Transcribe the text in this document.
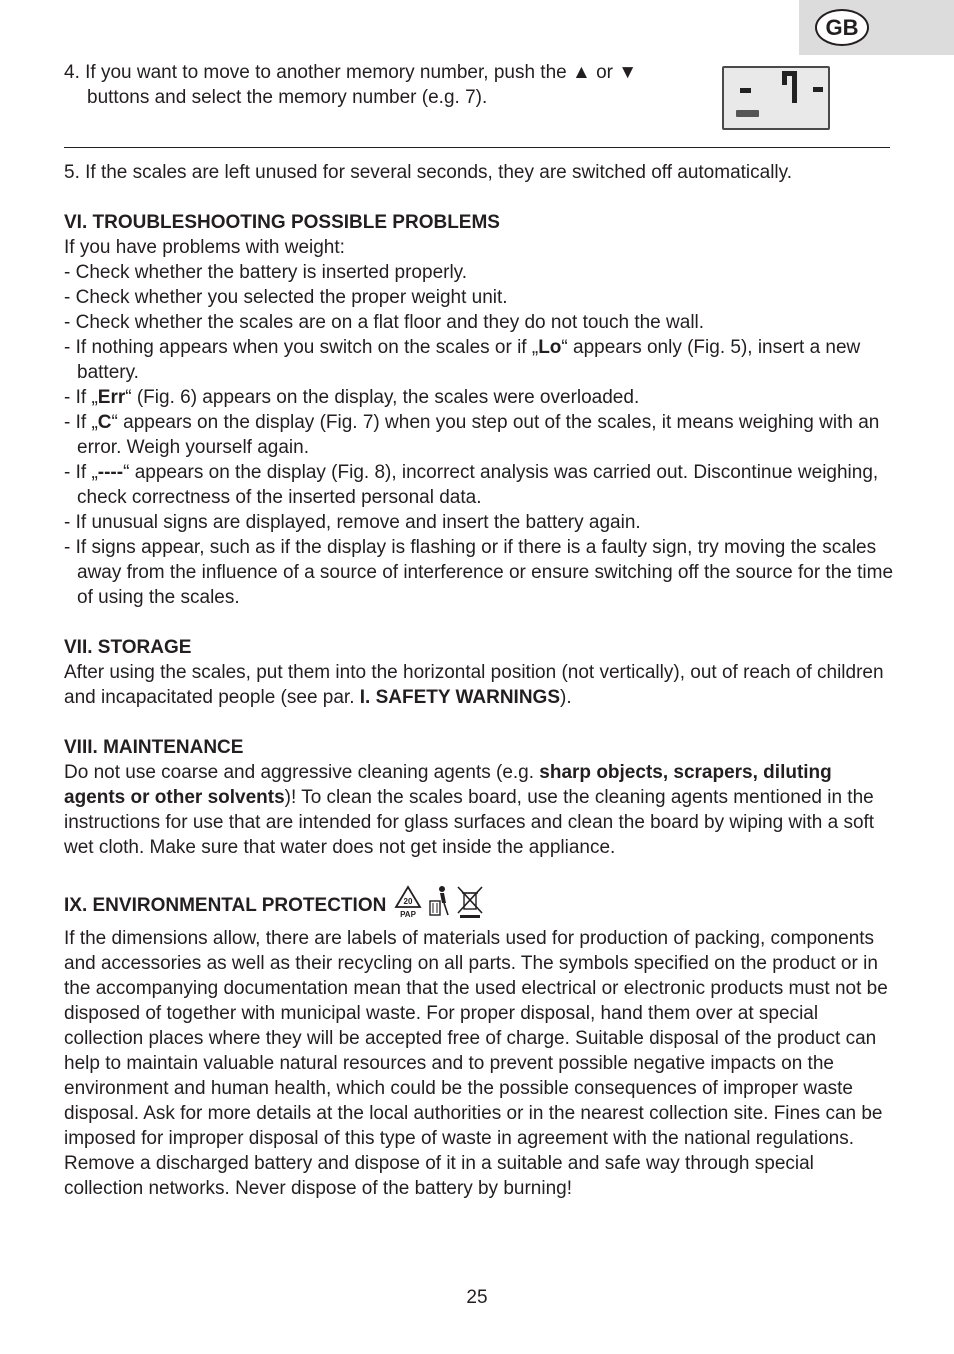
GB

4. If you want to move to another memory number, push the ▲ or ▼
buttons and select the memory number (e.g. 7).

5. If the scales are left unused for several seconds, they are switched off automatically.

VI. TROUBLESHOOTING POSSIBLE PROBLEMS

If you have problems with weight:

- Check whether the battery is inserted properly.

- Check whether you selected the proper weight unit.

- Check whether the scales are on a flat floor and they do not touch the wall.

- If nothing appears when you switch on the scales or if „Lo“ appears only (Fig. 5), insert a new battery.

- If „Err“ (Fig. 6) appears on the display, the scales were overloaded.

- If „C“ appears on the display (Fig. 7) when you step out of the scales, it means weighing with an error. Weigh yourself again.

- If „----“ appears on the display (Fig. 8), incorrect analysis was carried out. Discontinue weighing, check correctness of the inserted personal data.

- If unusual signs are displayed, remove and insert the battery again.

- If signs appear, such as if the display is flashing or if there is a faulty sign, try moving the scales away from the influence of a source of interference or ensure switching off the source for the time of using the scales.

VII. STORAGE

After using the scales, put them into the horizontal position (not vertically), out of reach of children and incapacitated people (see par. I. SAFETY WARNINGS).

VIII. MAINTENANCE

Do not use coarse and aggressive cleaning agents (e.g. sharp objects, scrapers, diluting agents or other solvents)! To clean the scales board, use the cleaning agents mentioned in the instructions for use that are intended for glass surfaces and clean the board by wiping with a soft wet cloth. Make sure that water does not get inside the appliance.

IX. ENVIRONMENTAL PROTECTION 20
PAP

If the dimensions allow, there are labels of materials used for production of packing, components and accessories as well as their recycling on all parts. The symbols specified on the product or in the accompanying documentation mean that the used electrical or electronic products must not be disposed of together with municipal waste. For proper disposal, hand them over at special collection places where they will be accepted free of charge. Suitable disposal of the product can help to maintain valuable natural resources and to prevent possible negative impacts on the environment and human health, which could be the possible consequences of improper waste disposal. Ask for more details at the local authorities or in the nearest collection site. Fines can be imposed for improper disposal of this type of waste in agreement with the national regulations.

Remove a discharged battery and dispose of it in a suitable and safe way through special collection networks. Never dispose of the battery by burning!

25
